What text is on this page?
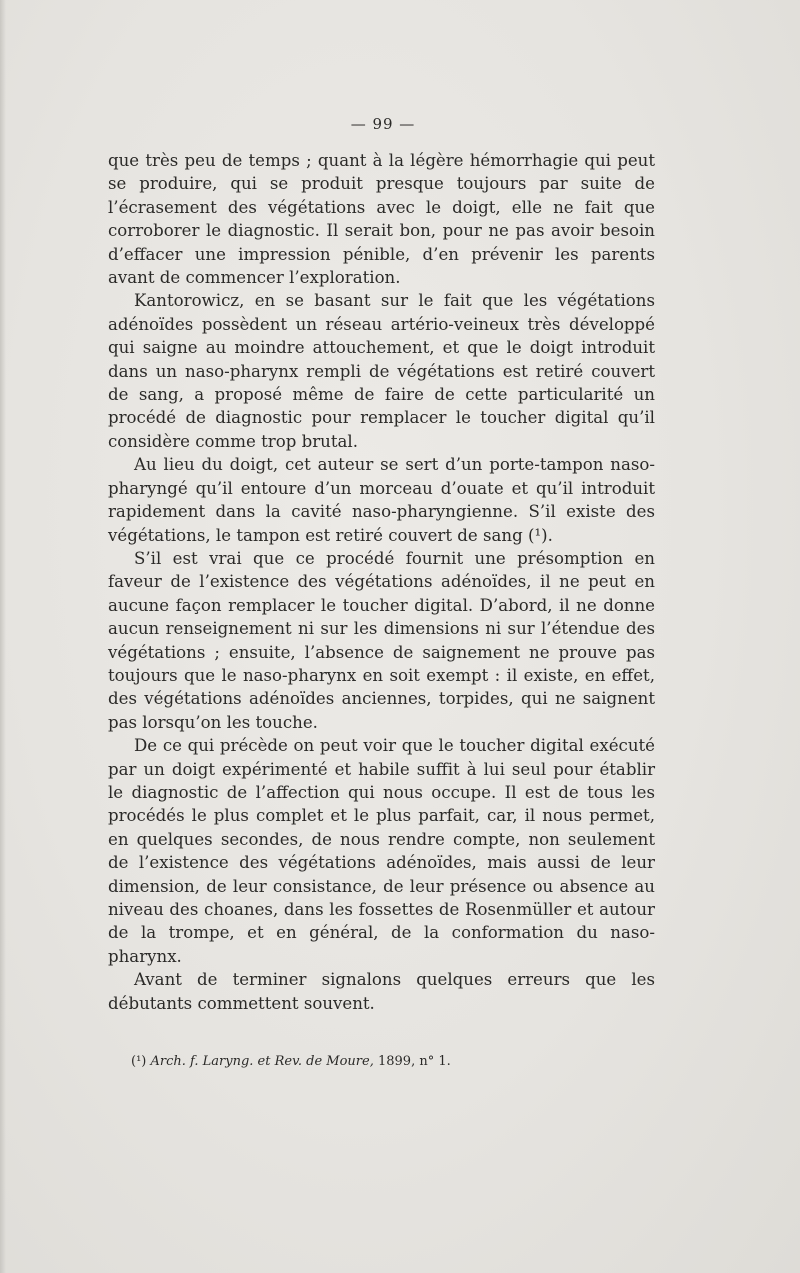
— 99 —

que très peu de temps ; quant à la légère hémorrhagie qui peut se produire, qui se produit presque toujours par suite de l’écrasement des végétations avec le doigt, elle ne fait que corroborer le diagnostic. Il serait bon, pour ne pas avoir besoin d’effacer une impression pénible, d’en prévenir les parents avant de commencer l’exploration.

Kantorowicz, en se basant sur le fait que les végétations adénoïdes possèdent un réseau artério-veineux très développé qui saigne au moindre attouchement, et que le doigt introduit dans un naso-pharynx rempli de végétations est retiré couvert de sang, a proposé même de faire de cette particularité un procédé de diagnostic pour remplacer le toucher digital qu’il considère comme trop brutal.

Au lieu du doigt, cet auteur se sert d’un porte-tampon naso-pharyngé qu’il entoure d’un morceau d’ouate et qu’il introduit rapidement dans la cavité naso-pharyngienne. S’il existe des végétations, le tampon est retiré couvert de sang (¹).

S’il est vrai que ce procédé fournit une présomption en faveur de l’existence des végétations adénoïdes, il ne peut en aucune façon remplacer le toucher digital. D’abord, il ne donne aucun renseignement ni sur les dimensions ni sur l’étendue des végétations ; ensuite, l’absence de saignement ne prouve pas toujours que le naso-pharynx en soit exempt : il existe, en effet, des végétations adénoïdes anciennes, torpides, qui ne saignent pas lorsqu’on les touche.

De ce qui précède on peut voir que le toucher digital exécuté par un doigt expérimenté et habile suffit à lui seul pour établir le diagnostic de l’affection qui nous occupe. Il est de tous les procédés le plus complet et le plus parfait, car, il nous permet, en quelques secondes, de nous rendre compte, non seulement de l’existence des végétations adénoïdes, mais aussi de leur dimension, de leur consistance, de leur présence ou absence au niveau des choanes, dans les fossettes de Rosenmüller et autour de la trompe, et en général, de la conformation du naso-pharynx.

Avant de terminer signalons quelques erreurs que les débutants commettent souvent.

(¹) Arch. f. Laryng. et Rev. de Moure, 1899, n° 1.
